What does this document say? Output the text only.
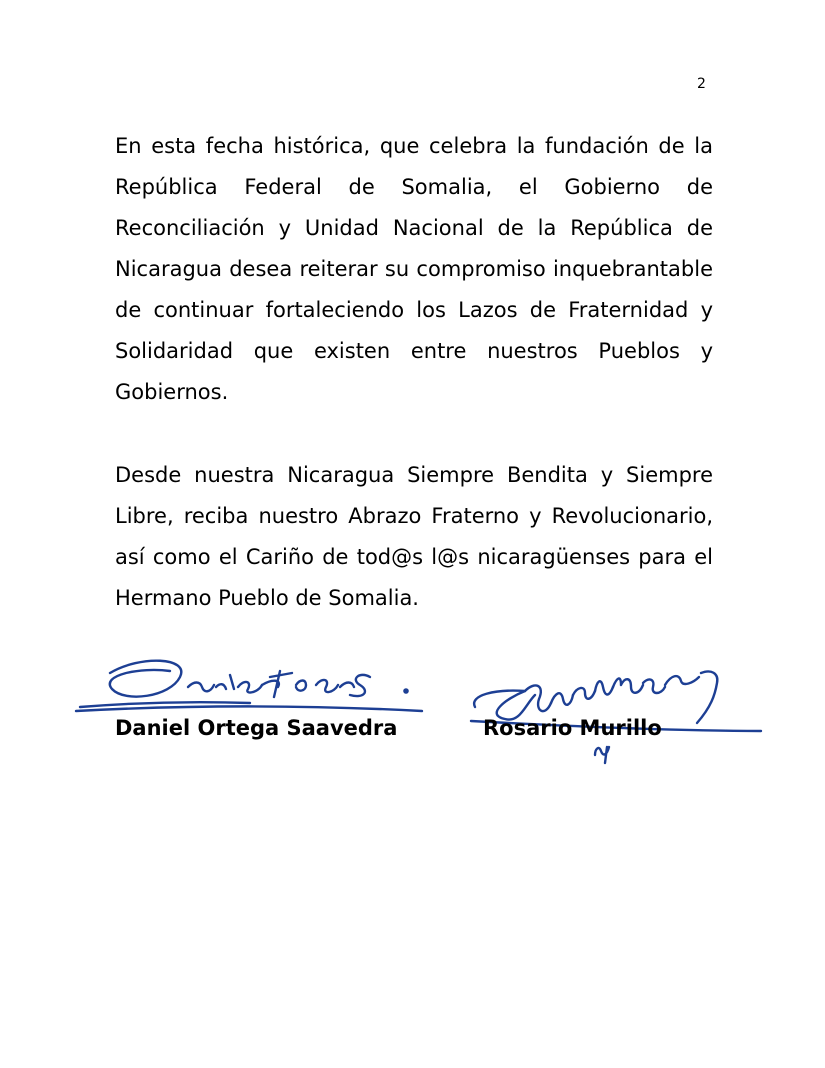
2

En esta fecha histórica, que celebra la fundación de la República Federal de Somalia, el Gobierno de Reconciliación y Unidad Nacional de la República de Nicaragua desea reiterar su compromiso inquebrantable de continuar fortaleciendo los Lazos de Fraternidad y Solidaridad que existen entre nuestros Pueblos y Gobiernos.

Desde nuestra Nicaragua Siempre Bendita y Siempre Libre, reciba nuestro Abrazo Fraterno y Revolucionario, así como el Cariño de tod@s l@s nicaragüenses para el Hermano Pueblo de Somalia.

Daniel Ortega Saavedra	Rosario Murillo
